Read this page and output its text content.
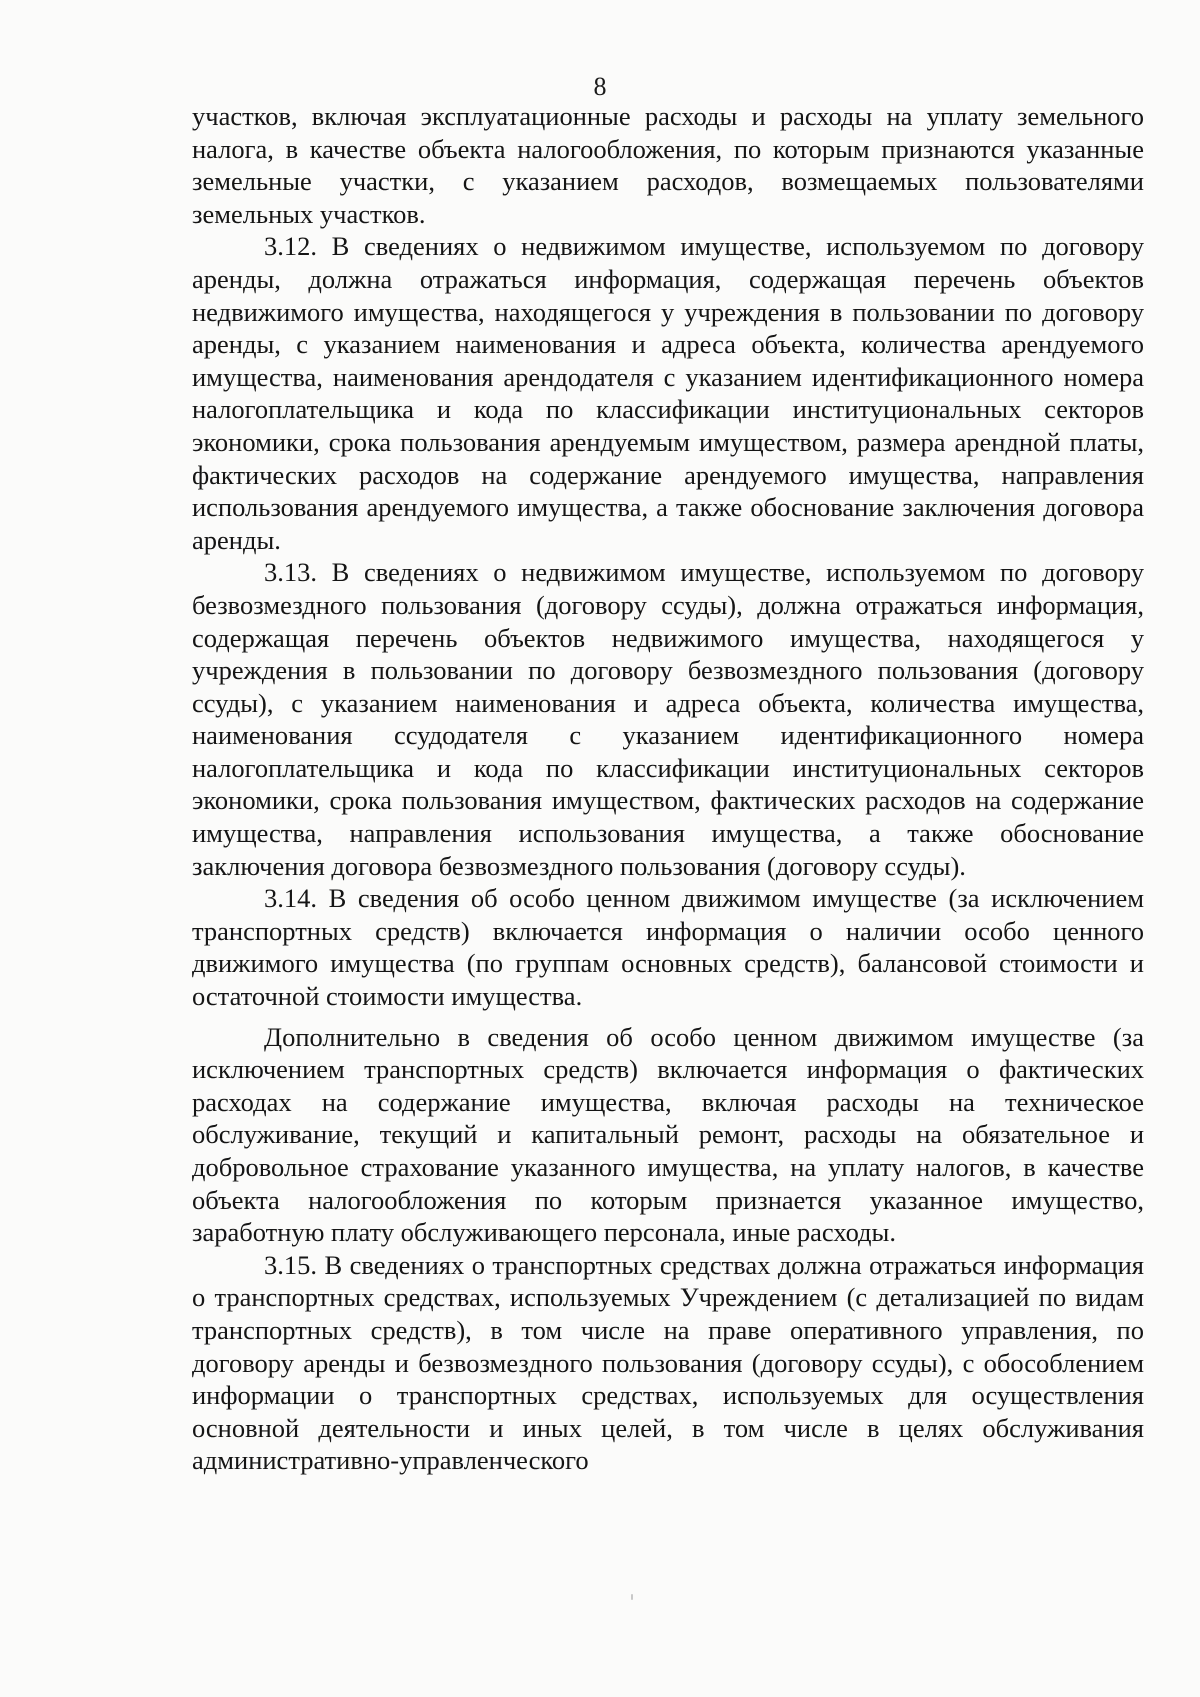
8

участков, включая эксплуатационные расходы и расходы на уплату земельного налога, в качестве объекта налогообложения, по которым признаются указанные земельные участки, с указанием расходов, возмещаемых пользователями земельных участков.

3.12. В сведениях о недвижимом имуществе, используемом по договору аренды, должна отражаться информация, содержащая перечень объектов недвижимого имущества, находящегося у учреждения в пользовании по договору аренды, с указанием наименования и адреса объекта, количества арендуемого имущества, наименования арендодателя с указанием идентификационного номера налогоплательщика и кода по классификации институциональных секторов экономики, срока пользования арендуемым имуществом, размера арендной платы, фактических расходов на содержание арендуемого имущества, направления использования арендуемого имущества, а также обоснование заключения договора аренды.

3.13. В сведениях о недвижимом имуществе, используемом по договору безвозмездного пользования (договору ссуды), должна отражаться информация, содержащая перечень объектов недвижимого имущества, находящегося у учреждения в пользовании по договору безвозмездного пользования (договору ссуды), с указанием наименования и адреса объекта, количества имущества, наименования ссудодателя с указанием идентификационного номера налогоплательщика и кода по классификации институциональных секторов экономики, срока пользования имуществом, фактических расходов на содержание имущества, направления использования имущества, а также обоснование заключения договора безвозмездного пользования (договору ссуды).

3.14. В сведения об особо ценном движимом имуществе (за исключением транспортных средств) включается информация о наличии особо ценного движимого имущества (по группам основных средств), балансовой стоимости и остаточной стоимости имущества.

Дополнительно в сведения об особо ценном движимом имуществе (за исключением транспортных средств) включается информация о фактических расходах на содержание имущества, включая расходы на техническое обслуживание, текущий и капитальный ремонт, расходы на обязательное и добровольное страхование указанного имущества, на уплату налогов, в качестве объекта налогообложения по которым признается указанное имущество, заработную плату обслуживающего персонала, иные расходы.

3.15. В сведениях о транспортных средствах должна отражаться информация о транспортных средствах, используемых Учреждением (с детализацией по видам транспортных средств), в том числе на праве оперативного управления, по договору аренды и безвозмездного пользования (договору ссуды), с обособлением информации о транспортных средствах, используемых для осуществления основной деятельности и иных целей, в том числе в целях обслуживания административно-управленческого
